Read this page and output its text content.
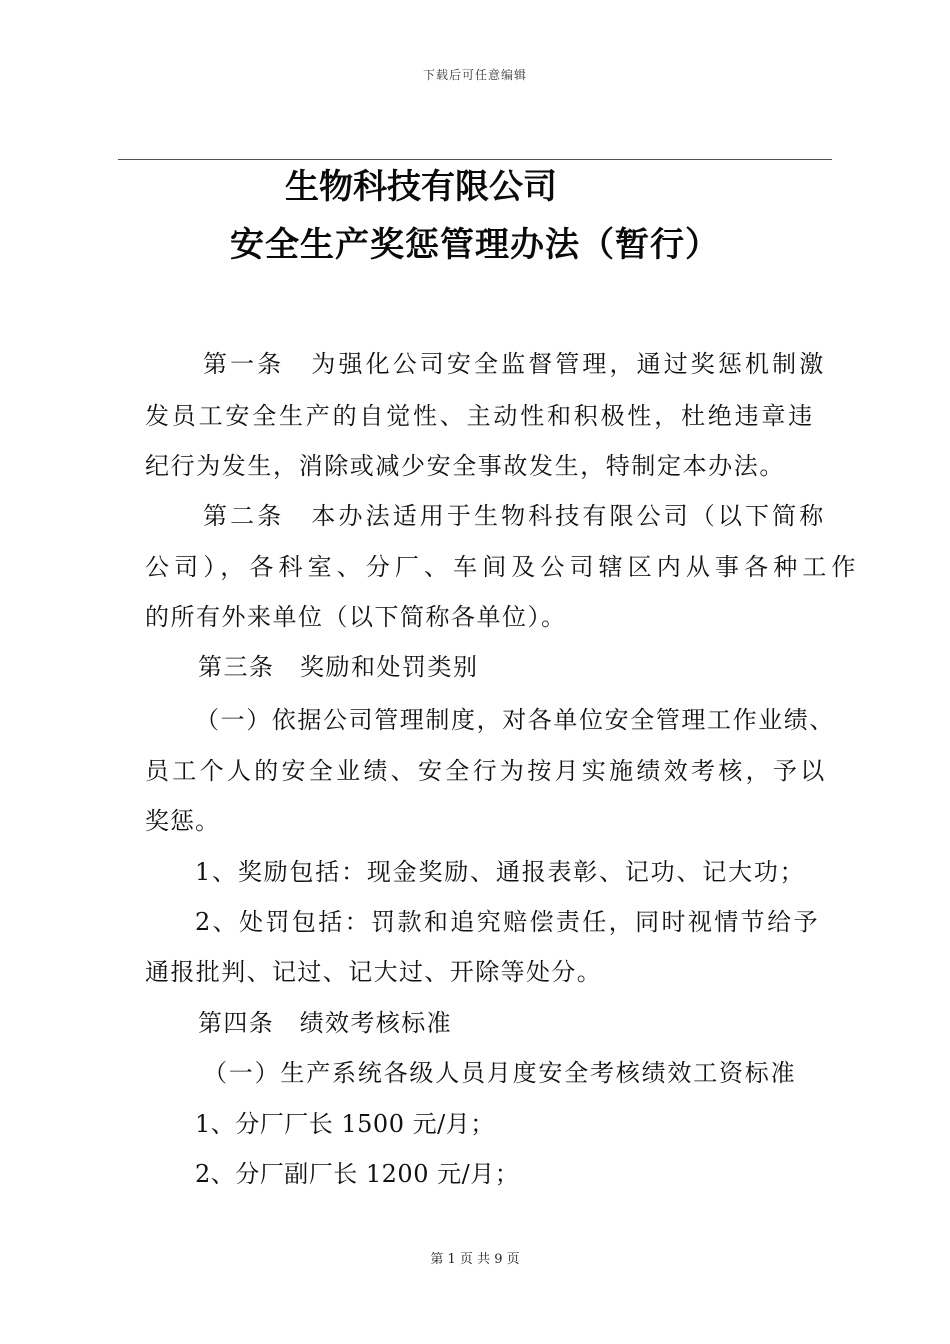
下载后可任意编辑
生物科技有限公司
安全生产奖惩管理办法（暂行）
第一条　为强化公司安全监督管理，通过奖惩机制激
发员工安全生产的自觉性、主动性和积极性，杜绝违章违
纪行为发生，消除或减少安全事故发生，特制定本办法。
第二条　本办法适用于生物科技有限公司（以下简称
公司），各科室、分厂、车间及公司辖区内从事各种工作
的所有外来单位（以下简称各单位）。
第三条　奖励和处罚类别
（一）依据公司管理制度，对各单位安全管理工作业绩、
员工个人的安全业绩、安全行为按月实施绩效考核，予以
奖惩。
1、奖励包括：现金奖励、通报表彰、记功、记大功；
2、处罚包括：罚款和追究赔偿责任，同时视情节给予
通报批判、记过、记大过、开除等处分。
第四条　绩效考核标准
（一）生产系统各级人员月度安全考核绩效工资标准
1、分厂厂长 1500 元/月；
2、分厂副厂长 1200 元/月；
第 1 页 共 9 页
